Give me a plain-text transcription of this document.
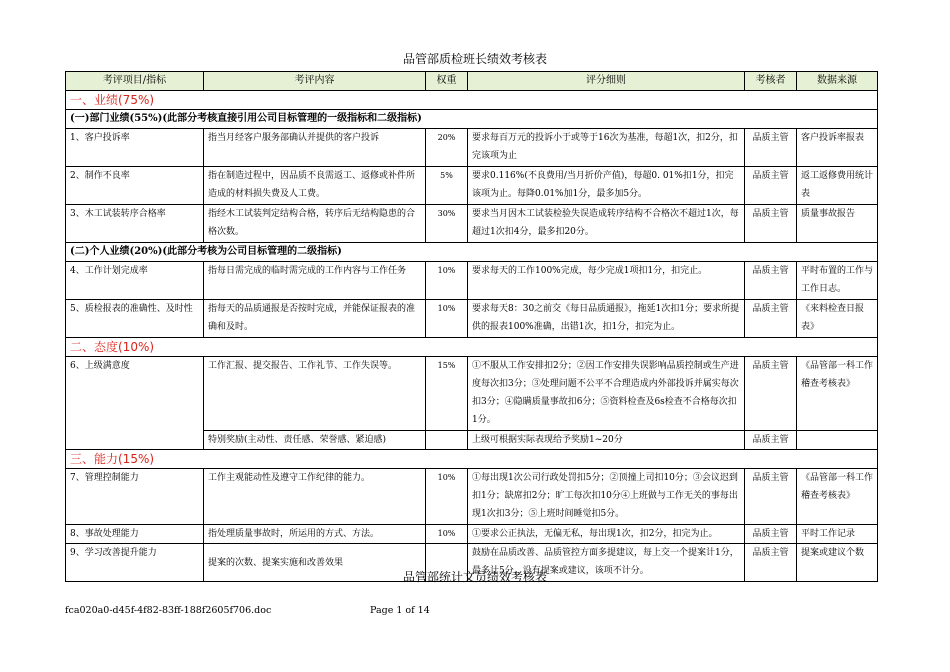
品管部质检班长绩效考核表
考评项目/指标	考评内容	权重	评分细则	考核者	数据来源
一、业绩(75%)					
(一)部门业绩(55%)(此部分考核直接引用公司目标管理的一级指标和二级指标)					
1、客户投诉率	指当月经客户服务部确认并提供的客户投诉	20%	要求每百万元的投诉小于或等于16次为基准，每超1次，扣2分，扣完该项为止	品质主管	客户投诉率报表
2、制作不良率	指在制造过程中，因品质不良需返工、返修或补件所造成的材料损失费及人工费。	5%	要求0.116%(不良费用/当月折价产值)，每超0. 01%扣1分，扣完该项为止。每降0.01%加1分，最多加5分。	品质主管	返工返修费用统计表
3、木工试装转序合格率	指经木工试装判定结构合格，转序后无结构隐患的合格次数。	30%	要求当月因木工试装检验失误造成转序结构不合格次不超过1次，每超过1次扣4分，最多扣20分。	品质主管	质量事故报告
(二)个人业绩(20%)(此部分考核为公司目标管理的二级指标)					
4、工作计划完成率	指每日需完成的临时需完成的工作内容与工作任务	10%	要求每天的工作100%完成，每少完成1项扣1分，扣完止。	品质主管	平时布置的工作与工作日志。
5、质检报表的准确性、及时性	指每天的品质通报是否按时完成，并能保证报表的准确和及时。	10%	要求每天8：30之前交《每日品质通报》，拖延1次扣1分；要求所提供的报表100%准确，出错1次，扣1分，扣完为止。	品质主管	《来料检查日报表》
二、态度(10%)					
6、上级满意度	工作汇报、提交报告、工作礼节、工作失误等。	15%	①不服从工作安排扣2分；②因工作安排失误影响品质控制或生产进度每次扣3分；③处理问题不公平不合理造成内外部投诉并属实每次扣3分；④隐瞒质量事故扣6分；⑤资料检查及6s检查不合格每次扣1分。	品质主管	《品管部一科工作稽查考核表》
	特别奖励(主动性、责任感、荣誉感、紧迫感)		上级可根据实际表现给予奖励1~20分	品质主管	
三、能力(15%)					
7、管理控制能力	工作主观能动性及遵守工作纪律的能力。	10%	①每出现1次公司行政处罚扣5分；②顶撞上司扣10分；③会议迟到扣1分；缺席扣2分；旷工每次扣10分④上班做与工作无关的事每出现1次扣3分；⑤上班时间睡觉扣5分。	品质主管	《品管部一科工作稽查考核表》
8、事故处理能力	指处理质量事故时，所运用的方式、方法。	10%	①要求公正执法，无偏无私，每出现1次，扣2分，扣完为止。	品质主管	平时工作记录
9、学习改善提升能力	提案的次数、提案实施和改善效果		鼓励在品质改善、品质管控方面多提建议，每上交一个提案计1分，最多计5分，没有提案或建议，该项不计分。	品质主管	提案或建议个数
品管部统计文员绩效考核表
fca020a0-d45f-4f82-83ff-188f2605f706.doc	Page 1 of 14
